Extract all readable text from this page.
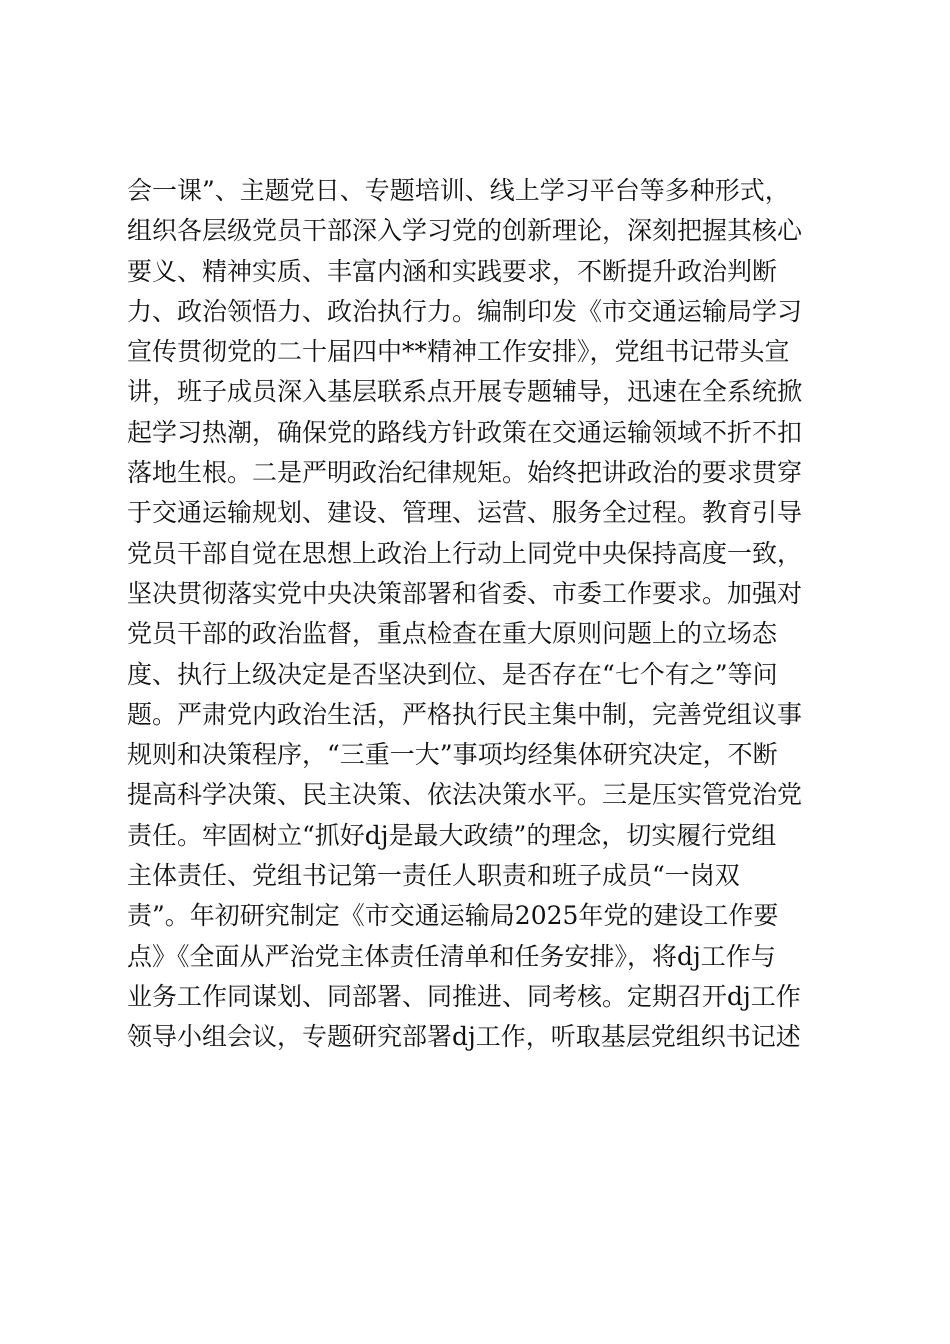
会一课”、主题党日、专题培训、线上学习平台等多种形式，
组织各层级党员干部深入学习党的创新理论，深刻把握其核心
要义、精神实质、丰富内涵和实践要求，不断提升政治判断
力、政治领悟力、政治执行力。编制印发《市交通运输局学习
宣传贯彻党的二十届四中**精神工作安排》，党组书记带头宣
讲，班子成员深入基层联系点开展专题辅导，迅速在全系统掀
起学习热潮，确保党的路线方针政策在交通运输领域不折不扣
落地生根。二是严明政治纪律规矩。始终把讲政治的要求贯穿
于交通运输规划、建设、管理、运营、服务全过程。教育引导
党员干部自觉在思想上政治上行动上同党中央保持高度一致，
坚决贯彻落实党中央决策部署和省委、市委工作要求。加强对
党员干部的政治监督，重点检查在重大原则问题上的立场态
度、执行上级决定是否坚决到位、是否存在“七个有之”等问
题。严肃党内政治生活，严格执行民主集中制，完善党组议事
规则和决策程序，“三重一大”事项均经集体研究决定，不断
提高科学决策、民主决策、依法决策水平。三是压实管党治党
责任。牢固树立“抓好dj是最大政绩”的理念，切实履行党组
主体责任、党组书记第一责任人职责和班子成员“一岗双
责”。年初研究制定《市交通运输局2025年党的建设工作要
点》《全面从严治党主体责任清单和任务安排》，将dj工作与
业务工作同谋划、同部署、同推进、同考核。定期召开dj工作
领导小组会议，专题研究部署dj工作，听取基层党组织书记述
